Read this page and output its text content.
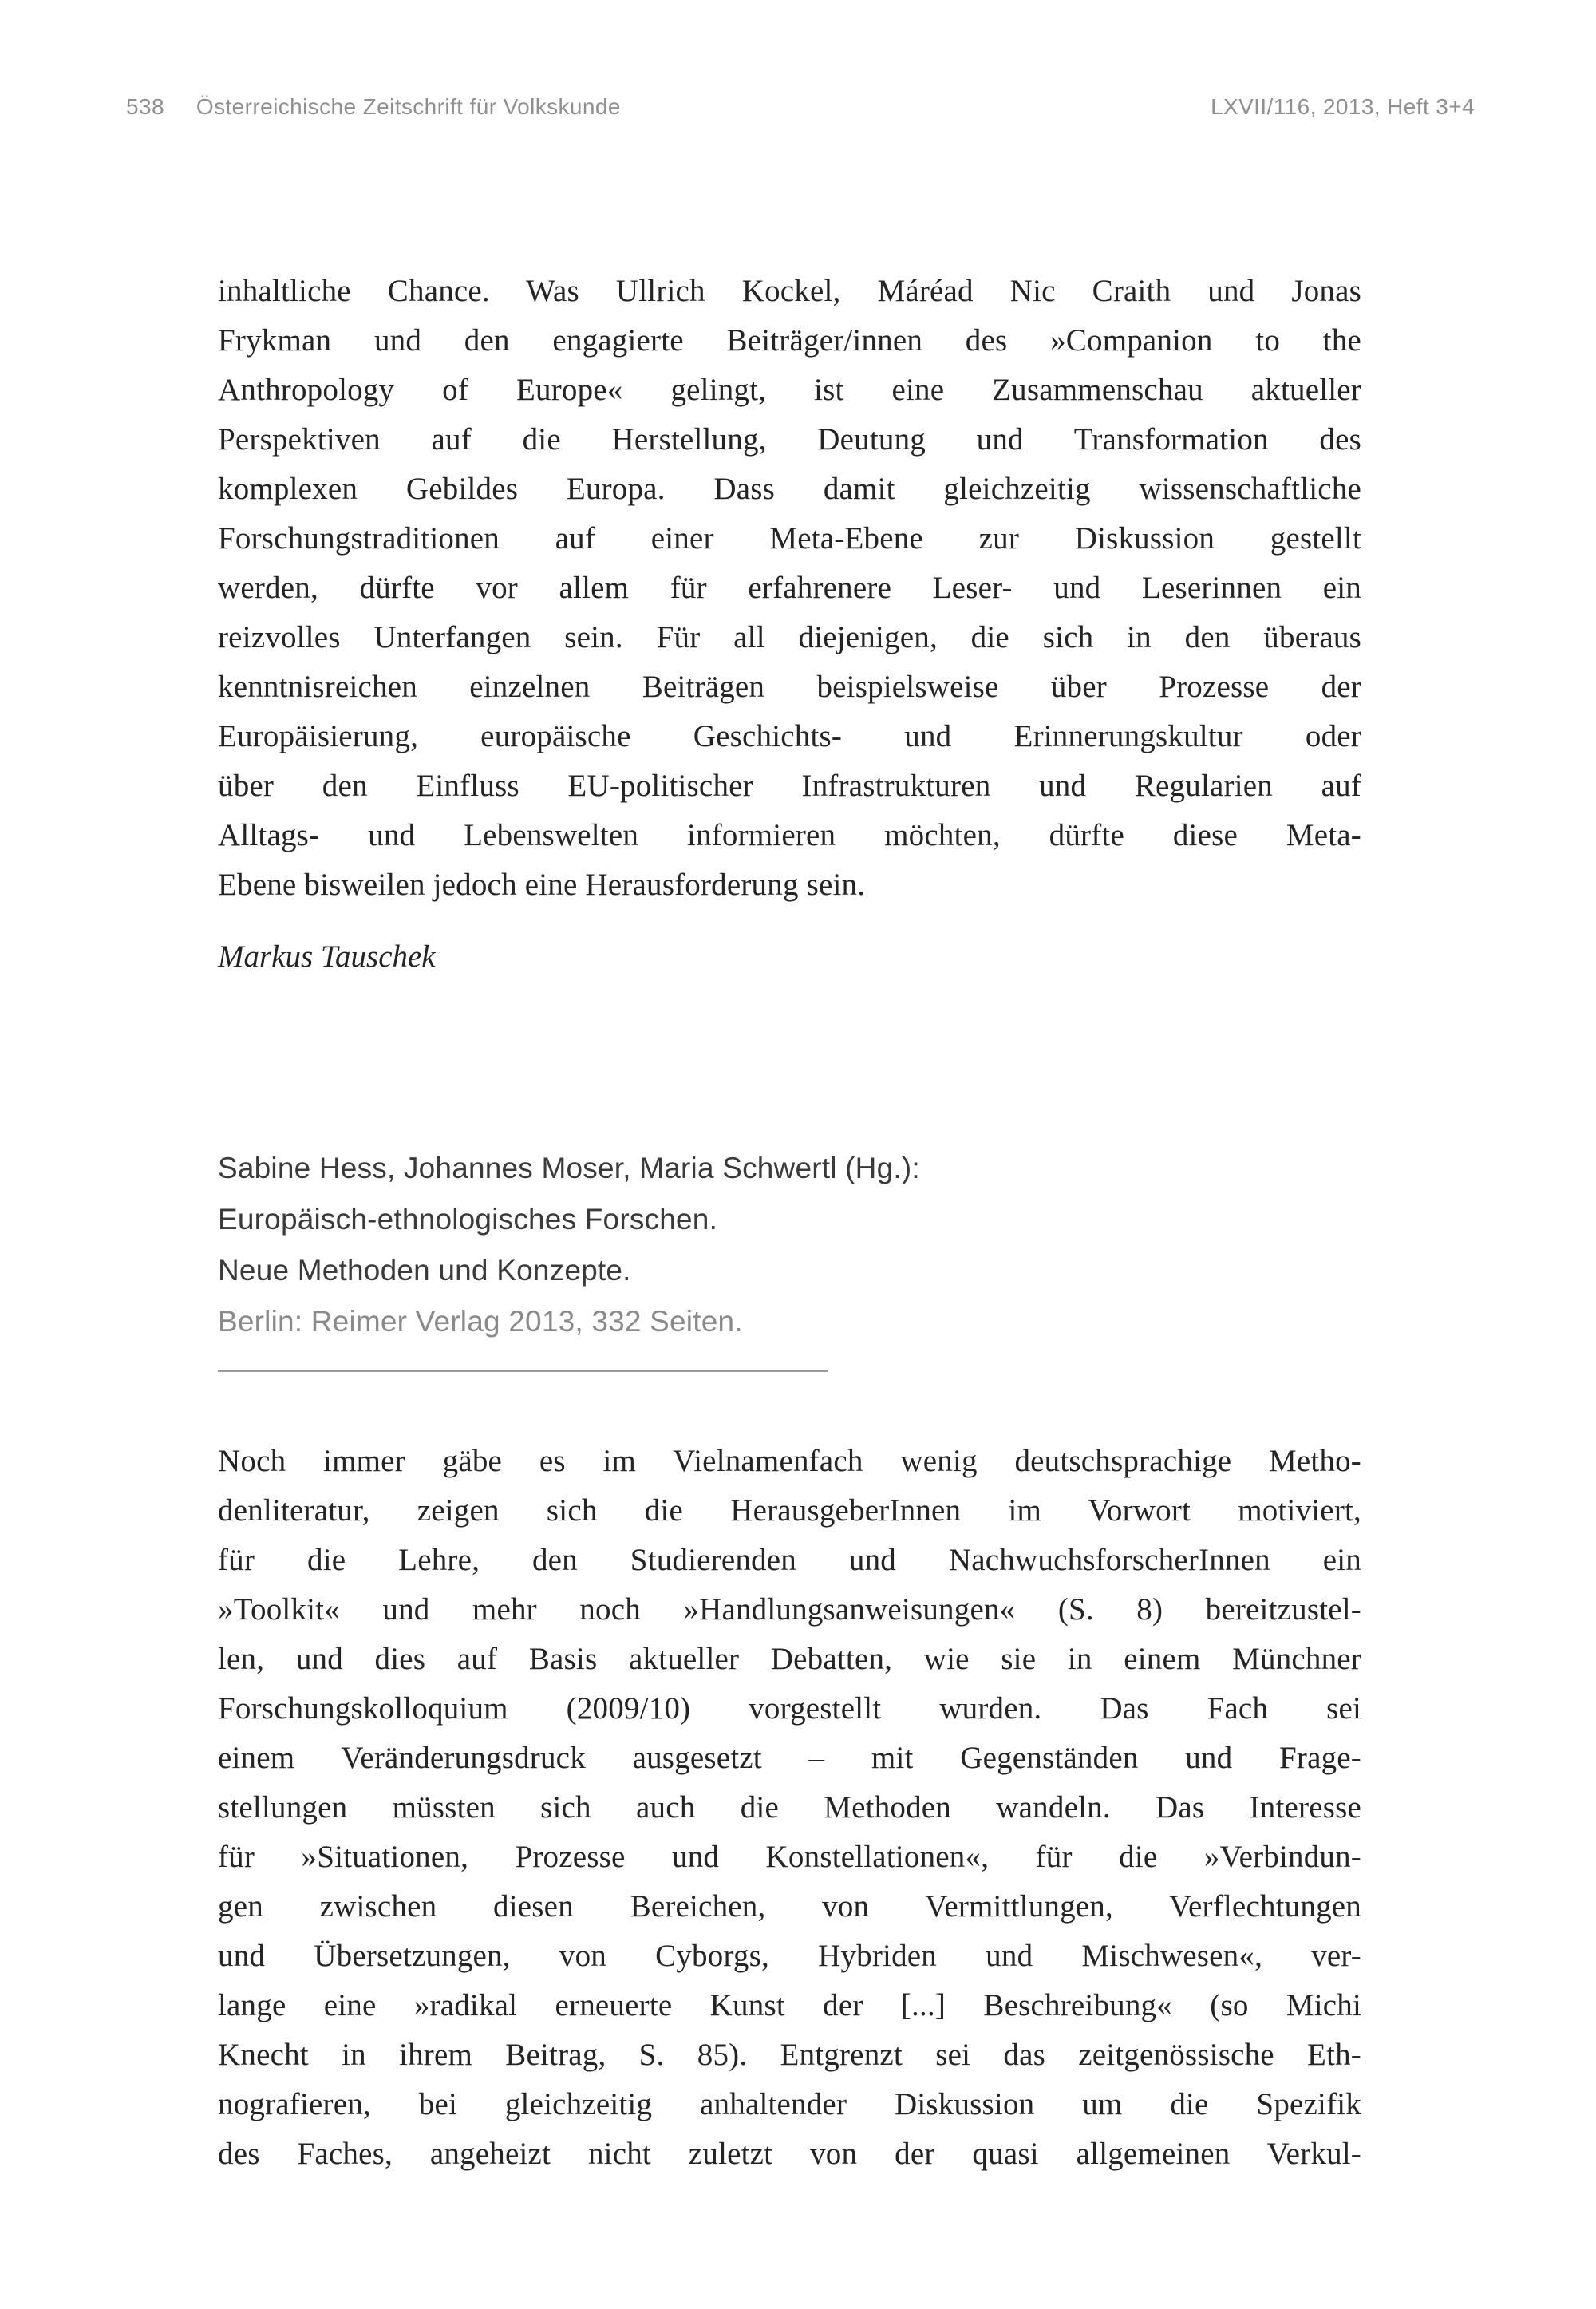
538 Österreichische Zeitschrift für Volkskunde	LXVII/116, 2013, Heft 3+4
inhaltliche Chance. Was Ullrich Kockel, Máréad Nic Craith und Jonas
Frykman und den engagierte Beiträger/innen des »Companion to the
Anthropology of Europe« gelingt, ist eine Zusammenschau aktueller
Perspektiven auf die Herstellung, Deutung und Transformation des
komplexen Gebildes Europa. Dass damit gleichzeitig wissenschaftliche
Forschungstraditionen auf einer Meta-Ebene zur Diskussion gestellt
werden, dürfte vor allem für erfahrenere Leser- und Leserinnen ein
reizvolles Unterfangen sein. Für all diejenigen, die sich in den überaus
kenntnisreichen einzelnen Beiträgen beispielsweise über Prozesse der
Europäisierung, europäische Geschichts- und Erinnerungskultur oder
über den Einfluss EU-politischer Infrastrukturen und Regularien auf
Alltags- und Lebenswelten informieren möchten, dürfte diese Meta-
Ebene bisweilen jedoch eine Herausforderung sein.
Markus Tauschek
Sabine Hess, Johannes Moser, Maria Schwertl (Hg.):
Europäisch-ethnologisches Forschen.
Neue Methoden und Konzepte.
Berlin: Reimer Verlag 2013, 332 Seiten.
Noch immer gäbe es im Vielnamenfach wenig deutschsprachige Metho-
denliteratur, zeigen sich die HerausgeberInnen im Vorwort motiviert,
für die Lehre, den Studierenden und NachwuchsforscherInnen ein
»Toolkit« und mehr noch »Handlungsanweisungen« (S. 8) bereitzustel-
len, und dies auf Basis aktueller Debatten, wie sie in einem Münchner
Forschungskolloquium (2009/10) vorgestellt wurden. Das Fach sei
einem Veränderungsdruck ausgesetzt – mit Gegenständen und Frage-
stellungen müssten sich auch die Methoden wandeln. Das Interesse
für »Situationen, Prozesse und Konstellationen«, für die »Verbindun-
gen zwischen diesen Bereichen, von Vermittlungen, Verflechtungen
und Übersetzungen, von Cyborgs, Hybriden und Mischwesen«, ver-
lange eine »radikal erneuerte Kunst der [...] Beschreibung« (so Michi
Knecht in ihrem Beitrag, S. 85). Entgrenzt sei das zeitgenössische Eth-
nografieren, bei gleichzeitig anhaltender Diskussion um die Spezifik
des Faches, angeheizt nicht zuletzt von der quasi allgemeinen Verkul-
